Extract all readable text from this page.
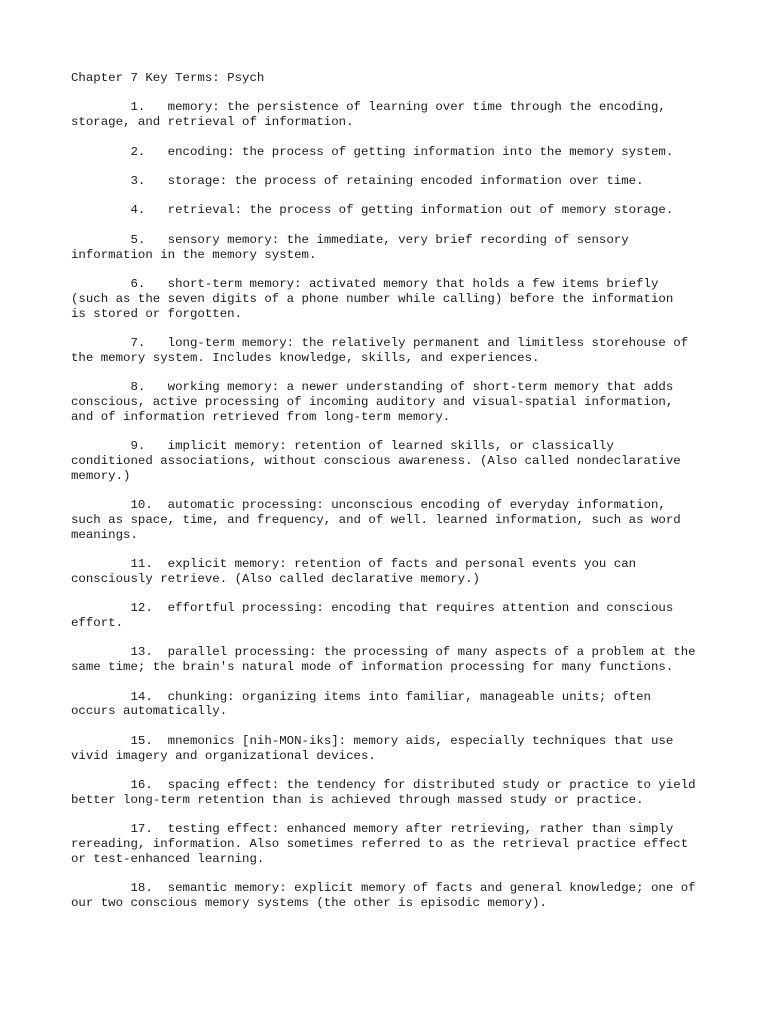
Chapter 7 Key Terms: Psych
1.   memory: the persistence of learning over time through the encoding,
storage, and retrieval of information.
2.   encoding: the process of getting information into the memory system.
3.   storage: the process of retaining encoded information over time.
4.   retrieval: the process of getting information out of memory storage.
5.   sensory memory: the immediate, very brief recording of sensory
information in the memory system.
6.   short-term memory: activated memory that holds a few items briefly
(such as the seven digits of a phone number while calling) before the information
is stored or forgotten.
7.   long-term memory: the relatively permanent and limitless storehouse of
the memory system. Includes knowledge, skills, and experiences.
8.   working memory: a newer understanding of short-term memory that adds
conscious, active processing of incoming auditory and visual-spatial information,
and of information retrieved from long-term memory.
9.   implicit memory: retention of learned skills, or classically
conditioned associations, without conscious awareness. (Also called nondeclarative
memory.)
10.  automatic processing: unconscious encoding of everyday information,
such as space, time, and frequency, and of well. learned information, such as word
meanings.
11.  explicit memory: retention of facts and personal events you can
consciously retrieve. (Also called declarative memory.)
12.  effortful processing: encoding that requires attention and conscious
effort.
13.  parallel processing: the processing of many aspects of a problem at the
same time; the brain's natural mode of information processing for many functions.
14.  chunking: organizing items into familiar, manageable units; often
occurs automatically.
15.  mnemonics [nih-MON-iks]: memory aids, especially techniques that use
vivid imagery and organizational devices.
16.  spacing effect: the tendency for distributed study or practice to yield
better long-term retention than is achieved through massed study or practice.
17.  testing effect: enhanced memory after retrieving, rather than simply
rereading, information. Also sometimes referred to as the retrieval practice effect
or test-enhanced learning.
18.  semantic memory: explicit memory of facts and general knowledge; one of
our two conscious memory systems (the other is episodic memory).
